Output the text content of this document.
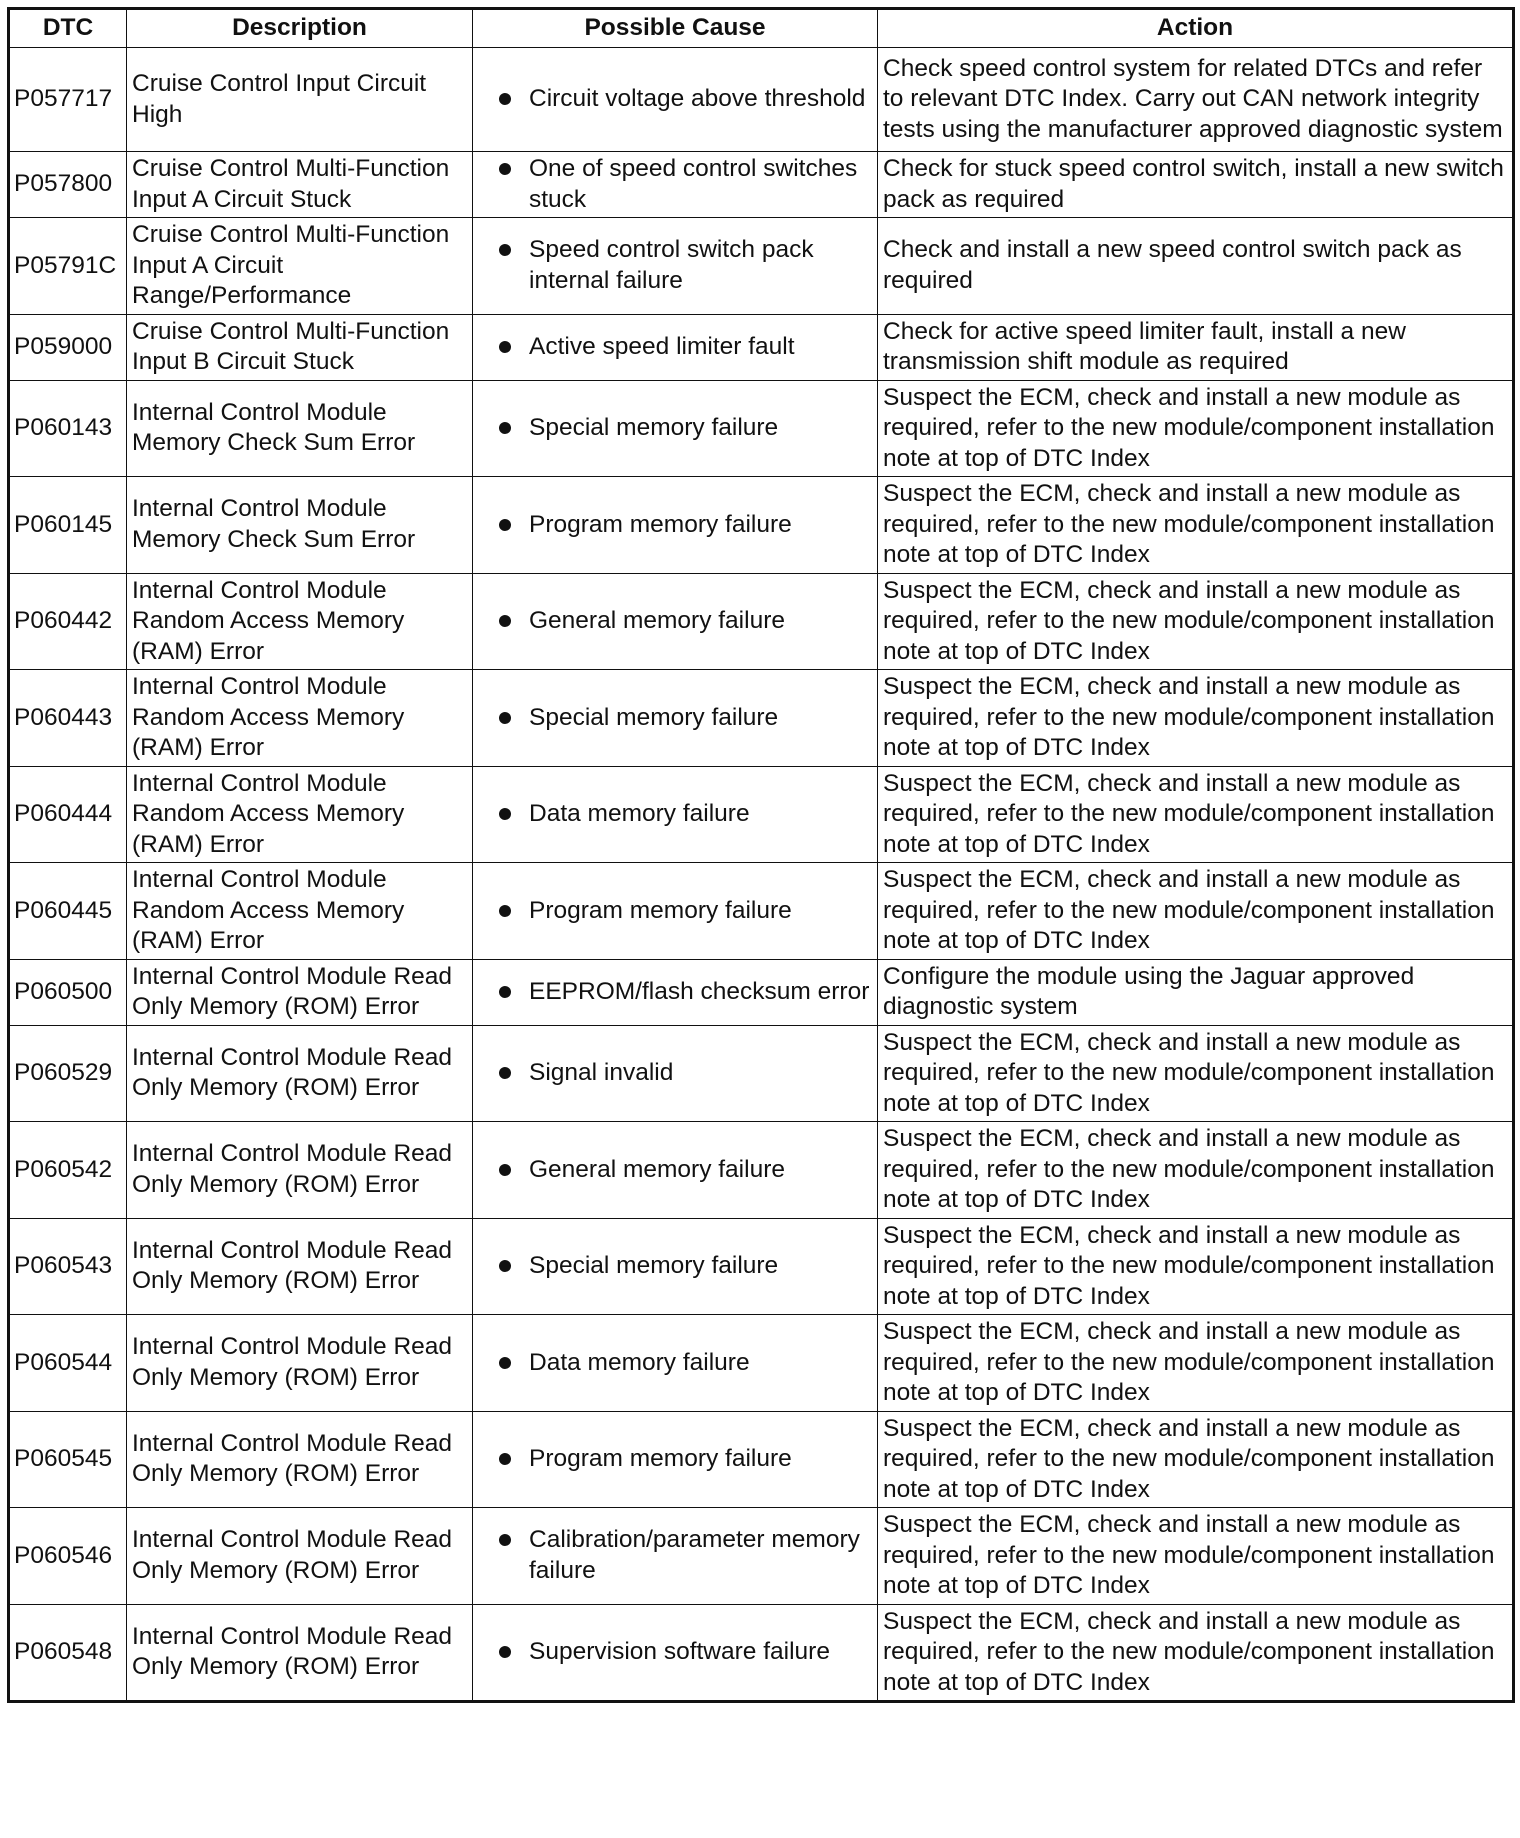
DTC	Description	Possible Cause	Action
P057717	Cruise Control Input Circuit High	Circuit voltage above threshold	Check speed control system for related DTCs and refer to relevant DTC Index. Carry out CAN network integrity tests using the manufacturer approved diagnostic system
P057800	Cruise Control Multi-Function Input A Circuit Stuck	One of speed control switches stuck	Check for stuck speed control switch, install a new switch pack as required
P05791C	Cruise Control Multi-Function Input A Circuit Range/Performance	Speed control switch pack internal failure	Check and install a new speed control switch pack as required
P059000	Cruise Control Multi-Function Input B Circuit Stuck	Active speed limiter fault	Check for active speed limiter fault, install a new transmission shift module as required
P060143	Internal Control Module Memory Check Sum Error	Special memory failure	Suspect the ECM, check and install a new module as required, refer to the new module/component installation note at top of DTC Index
P060145	Internal Control Module Memory Check Sum Error	Program memory failure	Suspect the ECM, check and install a new module as required, refer to the new module/component installation note at top of DTC Index
P060442	Internal Control Module Random Access Memory (RAM) Error	General memory failure	Suspect the ECM, check and install a new module as required, refer to the new module/component installation note at top of DTC Index
P060443	Internal Control Module Random Access Memory (RAM) Error	Special memory failure	Suspect the ECM, check and install a new module as required, refer to the new module/component installation note at top of DTC Index
P060444	Internal Control Module Random Access Memory (RAM) Error	Data memory failure	Suspect the ECM, check and install a new module as required, refer to the new module/component installation note at top of DTC Index
P060445	Internal Control Module Random Access Memory (RAM) Error	Program memory failure	Suspect the ECM, check and install a new module as required, refer to the new module/component installation note at top of DTC Index
P060500	Internal Control Module Read Only Memory (ROM) Error	EEPROM/flash checksum error	Configure the module using the Jaguar approved diagnostic system
P060529	Internal Control Module Read Only Memory (ROM) Error	Signal invalid	Suspect the ECM, check and install a new module as required, refer to the new module/component installation note at top of DTC Index
P060542	Internal Control Module Read Only Memory (ROM) Error	General memory failure	Suspect the ECM, check and install a new module as required, refer to the new module/component installation note at top of DTC Index
P060543	Internal Control Module Read Only Memory (ROM) Error	Special memory failure	Suspect the ECM, check and install a new module as required, refer to the new module/component installation note at top of DTC Index
P060544	Internal Control Module Read Only Memory (ROM) Error	Data memory failure	Suspect the ECM, check and install a new module as required, refer to the new module/component installation note at top of DTC Index
P060545	Internal Control Module Read Only Memory (ROM) Error	Program memory failure	Suspect the ECM, check and install a new module as required, refer to the new module/component installation note at top of DTC Index
P060546	Internal Control Module Read Only Memory (ROM) Error	Calibration/parameter memory failure	Suspect the ECM, check and install a new module as required, refer to the new module/component installation note at top of DTC Index
P060548	Internal Control Module Read Only Memory (ROM) Error	Supervision software failure	Suspect the ECM, check and install a new module as required, refer to the new module/component installation note at top of DTC Index
